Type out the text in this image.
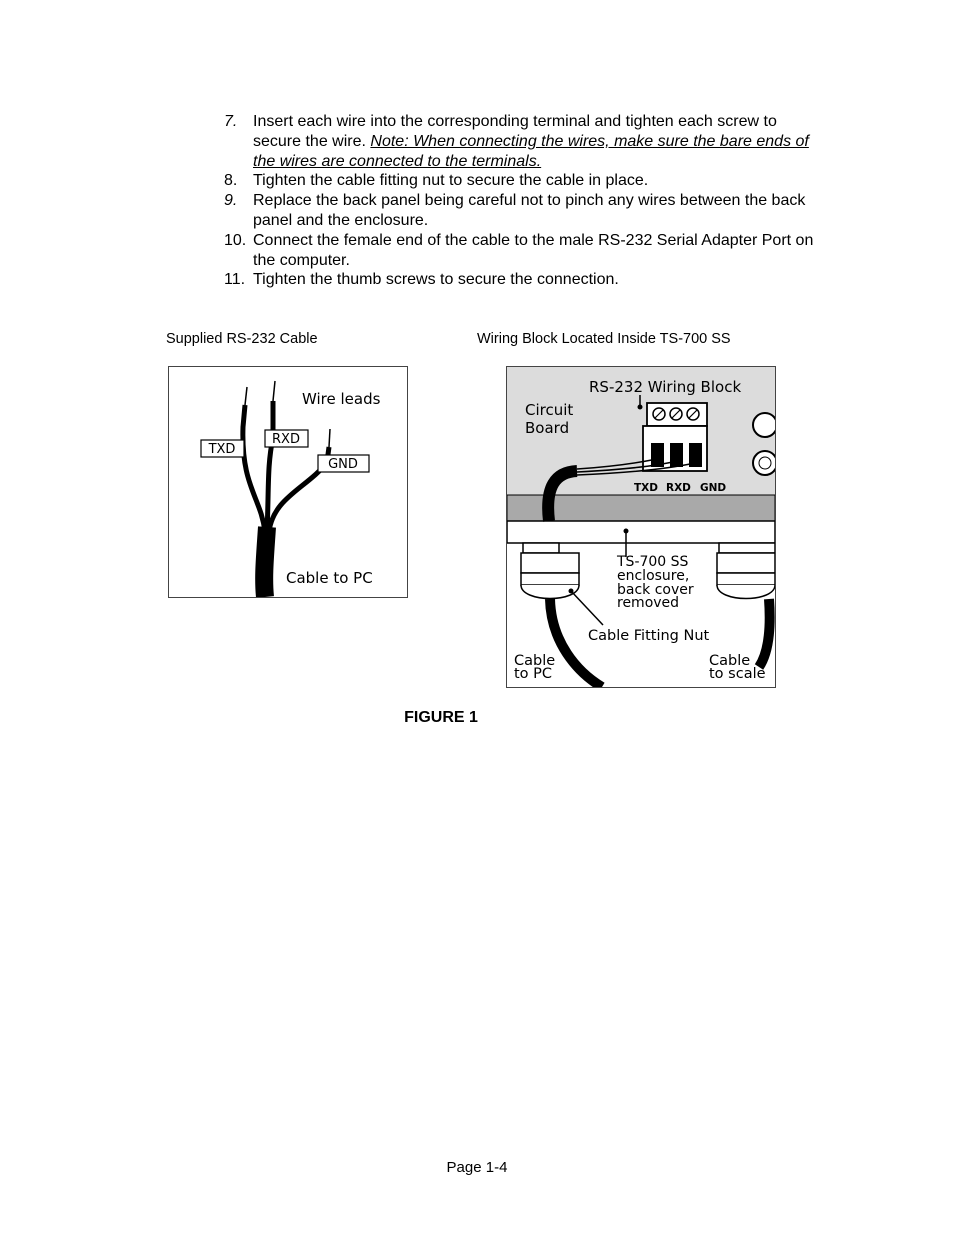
7. Insert each wire into the corresponding terminal and tighten each screw to secure the wire. Note: When connecting the wires, make sure the bare ends of the wires are connected to the terminals.
8. Tighten the cable fitting nut to secure the cable in place.
9. Replace the back panel being careful not to pinch any wires between the back panel and the enclosure.
10. Connect the female end of the cable to the male RS-232 Serial Adapter Port on the computer.
11. Tighten the thumb screws to secure the connection.
Supplied RS-232 Cable	Wiring Block Located Inside TS-700 SS
TXD
RXD
GND
Wire leads
Cable to PC
RS-232 Wiring Block
Circuit
Board
TXD RXD GND
TS-700 SS
enclosure,
back cover
removed
Cable Fitting Nut
Cable
to PC
Cable
to scale
FIGURE 1
Page 1-4
